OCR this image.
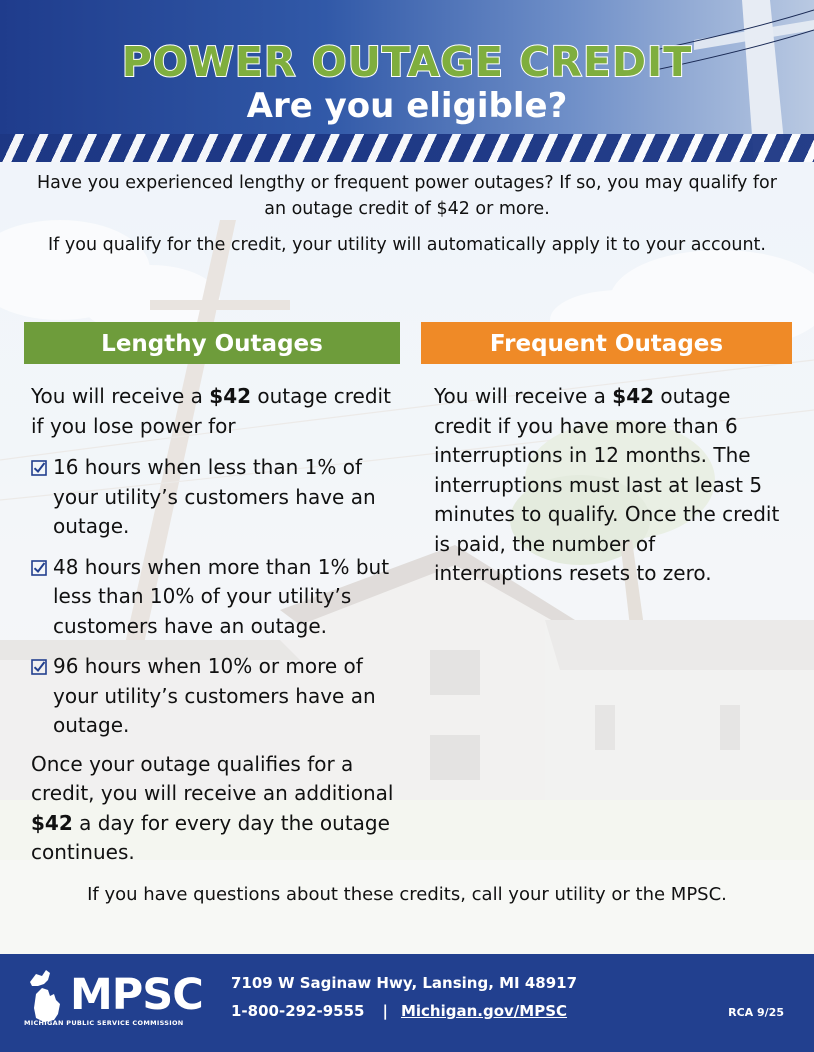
POWER OUTAGE CREDIT
Are you eligible?

Have you experienced lengthy or frequent power outages? If so, you may qualify for an outage credit of $42 or more.

If you qualify for the credit, your utility will automatically apply it to your account.

Lengthy Outages	Frequent Outages
You will receive a $42 outage credit if you lose power for
16 hours when less than 1% of your utility’s customers have an outage.
48 hours when more than 1% but less than 10% of your utility’s customers have an outage.
96 hours when 10% or more of your utility’s customers have an outage.
Once your outage qualifies for a credit, you will receive an additional $42 a day for every day the outage continues.
You will receive a $42 outage credit if you have more than 6 interruptions in 12 months. The interruptions must last at least 5 minutes to qualify. Once the credit is paid, the number of interruptions resets to zero.
If you have questions about these credits, call your utility or the MPSC.
MPSC
MICHIGAN PUBLIC SERVICE COMMISSION
7109 W Saginaw Hwy, Lansing, MI 48917
1-800-292-9555 | Michigan.gov/MPSC	RCA 9/25
